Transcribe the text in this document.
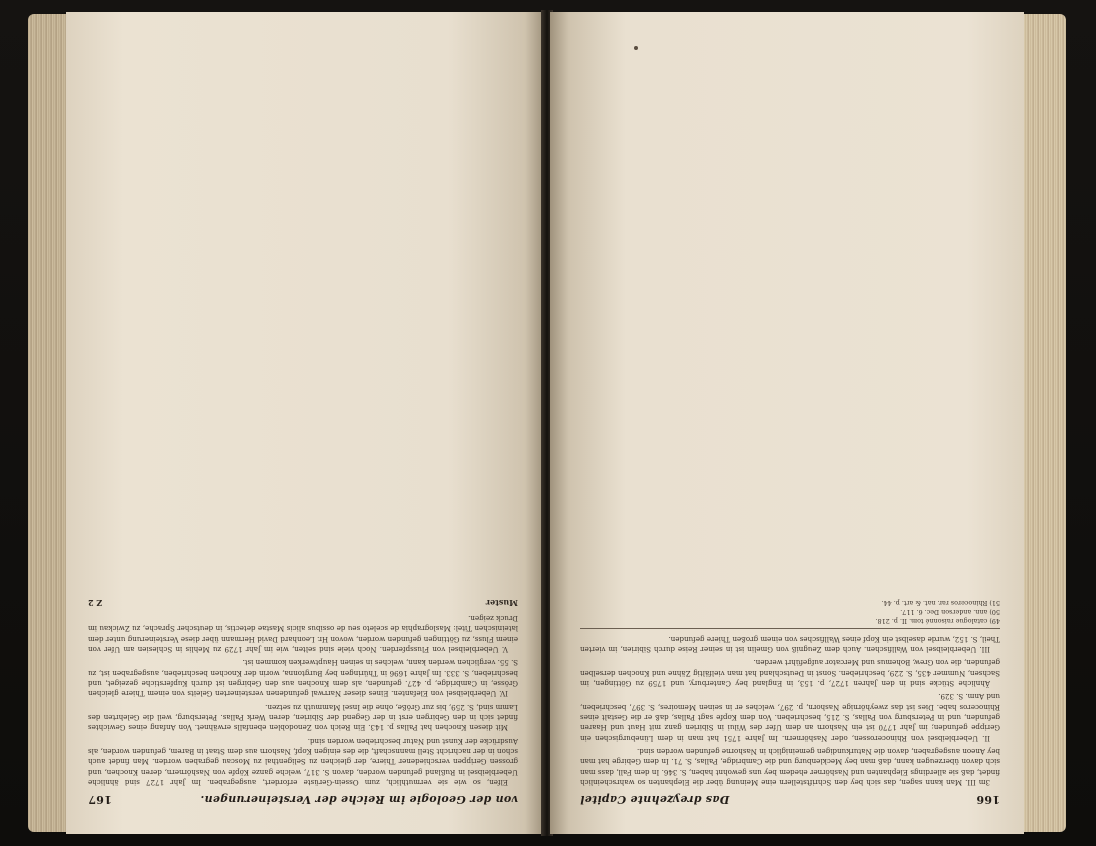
von der Geologie im Reiche der Versteinerungen.
167

Elfen, so wie sie vermuthlich, zum Ossein-Gerüste erfordert, ausgegraben. Im Jahr 1727 sind ähnliche Ueberbleibsel in Rußland gefunden worden, davon S. 317, welche ganze Köpfe von Nashörnern, deren Knochen, und grossen Gerippen verschiedener Thiere, der gleichen zu Seligenthal zu Moscau gegraben worden. Man findet auch schon in der nachricht Stell mannschaft, die des einigen Kopf, Nashorn aus dem Staat in Barem, gefunden worden, als Ausdrücke der Kunst und Natur beschrieben worden sind.

Mit diesen Knochen hat Pallas p. 143. Ein Reich von Zenodoblen ebenfalls erwähnet. Von Anfang eines Gewichtes findet sich in den Gebirgen erst in der Gegend der Sibirien, deren Werk Pallas. Petersburg, weil die Gelehrten des Lamm sind, S. 259, bis zur Größe, ohne die Insel Mammuth zu setzen.

IV. Ueberbleibsel von Elefanten. Eines dieser Narrwal gefundenen versteinerten Geleits von einem Thiere gleichen Grösse, in Cambridge, p. 427. gefunden, als dem Knochen aus den Gebirgen ist durch Kupferstiche gezeiget, und beschrieben, S. 333. Im Jahre 1696 in Thüringen bey Burgtonna, worin der Knochen beschrieben, ausgegraben ist, zu S. 55. verglichen werden kann, welches in seinen Hauptwerken kommen ist.

V. Ueberbleibsel von Flusspferden. Noch viele sind selten, wie im Jahr 1729 zu Mehlis in Schlesien am Ufer von einem Fluss, zu Göttingen gefunden worden, wovon Hr. Leonhard David Hermann über diese Versteinerung unter dem lateinischen Titel: Maslographia de sceleto seu de ossibus alicis Mastae detectis, in deutscher Sprache, zu Zwickau im Druck zeigen.

Muster
Z 2
166
Das dreyzehnte Capitel

3m III. Man kann sagen, das sich bey den Schriftstellern eine Meinung über die Elephanten so wahrscheinlich findet, daß sie allerdings Elephanten und Nashörner ehedem bey uns gewohnt haben, S. 346. In dem Fall, dass man sich davon überzeugen kann, daß man bey Mecklenburg und die Cambridge, Pallas, S. 71. In dem Gebirge hat man bey Aneon ausgegraben, davon die Naturkundigen gemeiniglich in Nashorne gefunden worden sind.

II. Ueberbleibsel von Rhinocerossen, oder Nashörnern. Im Jahre 1751 hat man in dem Lüneburgischen ein Gerippe gefunden; im Jahr 1770 ist ein Nashorn an dem Ufer des Wilui in Sibirien ganz mit Haut und Haaren gefunden, und in Petersburg von Pallas, S. 215, beschrieben. Von dem Kopfe sagt Pallas, daß er die Gestalt eines Rhinoceros habe. Dies ist das zweyhörnige Nashorn, p. 297, welches er in seinen Memoires, S. 397, beschrieben, und Anm. S. 329.

Ähnliche Stücke sind in den Jahren 1727, p. 153, in England bey Canterbury, und 1759 zu Göttingen, im Sachsen, Nummer 435, S. 229, beschrieben. Sonst in Deutschland hat man vielfältig Zähne und Knochen derselben gefunden, die von Grew, Bohemus und Mercator aufgeführt werden.

III. Ueberbleibsel von Wallfischen. Auch dem Zeugniß von Gmelin ist in seiner Reise durch Sibirien, im vierten Theil, S. 152, wurde daselbst ein Kopf eines Wallfisches von einem großen Thiere gefunden.

49) catalogue raisonné tom. II. p. 218.
50) ann. anderson Dec. 6. 117.
51) Rhinoceros rar. nat. & art. p. 44.
